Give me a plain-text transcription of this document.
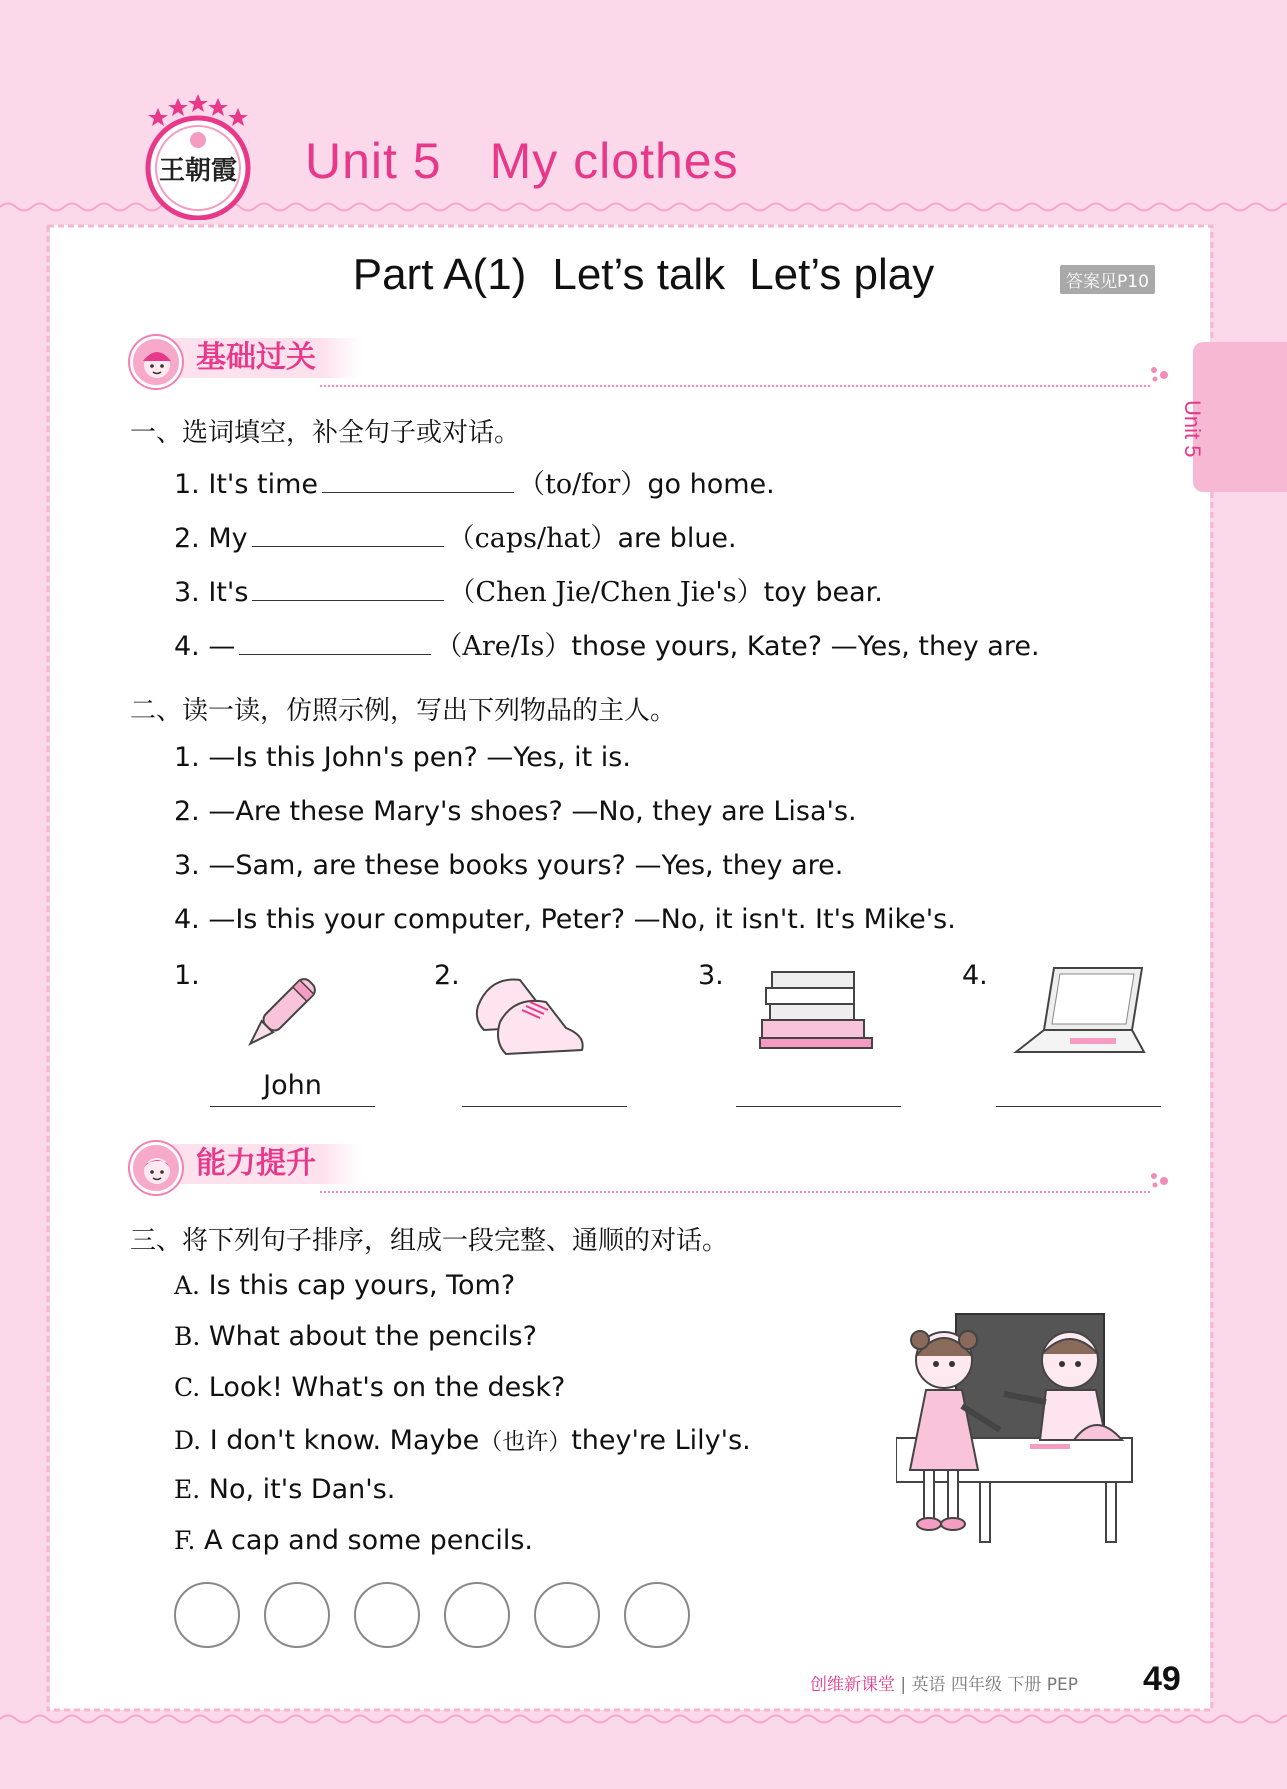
王朝霞 Unit 5 My clothes
Part A(1) Let’s talk Let’s play	答案见P10
Unit 5
基础过关
一、选词填空，补全句子或对话。
1. It's time	（to/for）go home.
2. My	（caps/hat）are blue.
3. It's	（Chen Jie/Chen Jie's）toy bear.
4. —	（Are/Is）those yours, Kate? —Yes, they are.
二、读一读，仿照示例，写出下列物品的主人。
1. —Is this John's pen? —Yes, it is.
2. —Are these Mary's shoes? —No, they are Lisa's.
3. —Sam, are these books yours? —Yes, they are.
4. —Is this your computer, Peter? —No, it isn't. It's Mike's.
1.
John
2.	3.	4.
能力提升
三、将下列句子排序，组成一段完整、通顺的对话。
A. Is this cap yours, Tom?
B. What about the pencils?
C. Look! What's on the desk?
D. I don't know. Maybe（也许）they're Lily's.
E. No, it's Dan's.
F. A cap and some pencils.
创维新课堂 | 英语 四年级 下册 PEP 49
